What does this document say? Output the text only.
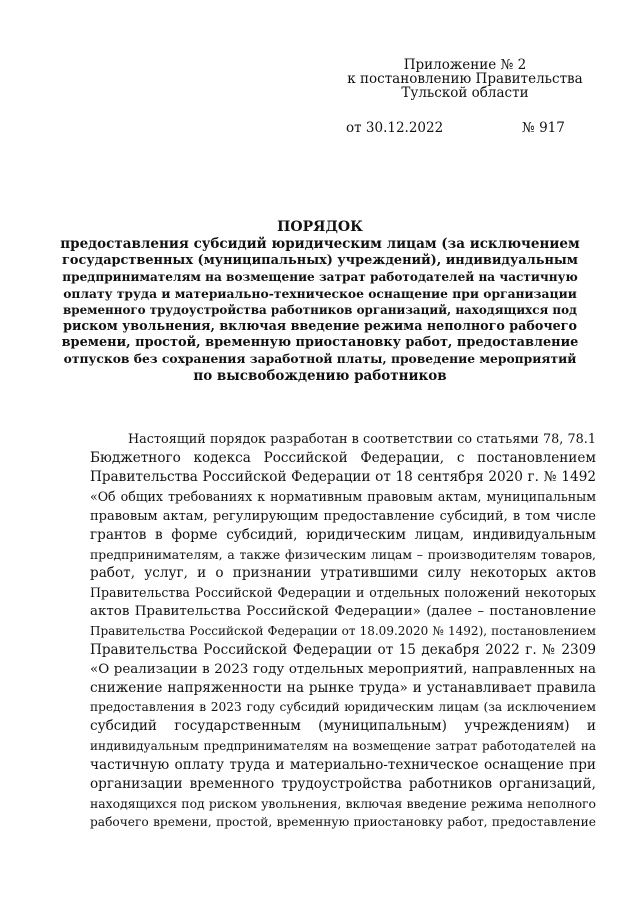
Приложение № 2
к постановлению Правительства
Тульской области
от 30.12.2022	№ 917
ПОРЯДОК
предоставления субсидий юридическим лицам (за исключением
государственных (муниципальных) учреждений), индивидуальным
предпринимателям на возмещение затрат работодателей на частичную
оплату труда и материально-техническое оснащение при организации
временного трудоустройства работников организаций, находящихся под
риском увольнения, включая введение режима неполного рабочего
времени, простой, временную приостановку работ, предоставление
отпусков без сохранения заработной платы, проведение мероприятий
по высвобождению работников
Настоящий порядок разработан в соответствии со статьями 78, 78.1
Бюджетного кодекса Российской Федерации, с постановлением
Правительства Российской Федерации от 18 сентября 2020 г. № 1492
«Об общих требованиях к нормативным правовым актам, муниципальным
правовым актам, регулирующим предоставление субсидий, в том числе
грантов в форме субсидий, юридическим лицам, индивидуальным
предпринимателям, а также физическим лицам – производителям товаров,
работ, услуг, и о признании утратившими силу некоторых актов
Правительства Российской Федерации и отдельных положений некоторых
актов Правительства Российской Федерации» (далее – постановление
Правительства Российской Федерации от 18.09.2020 № 1492), постановлением
Правительства Российской Федерации от 15 декабря 2022 г. № 2309
«О реализации в 2023 году отдельных мероприятий, направленных на
снижение напряженности на рынке труда» и устанавливает правила
предоставления в 2023 году субсидий юридическим лицам (за исключением
субсидий государственным (муниципальным) учреждениям) и
индивидуальным предпринимателям на возмещение затрат работодателей на
частичную оплату труда и материально-техническое оснащение при
организации временного трудоустройства работников организаций,
находящихся под риском увольнения, включая введение режима неполного
рабочего времени, простой, временную приостановку работ, предоставление
